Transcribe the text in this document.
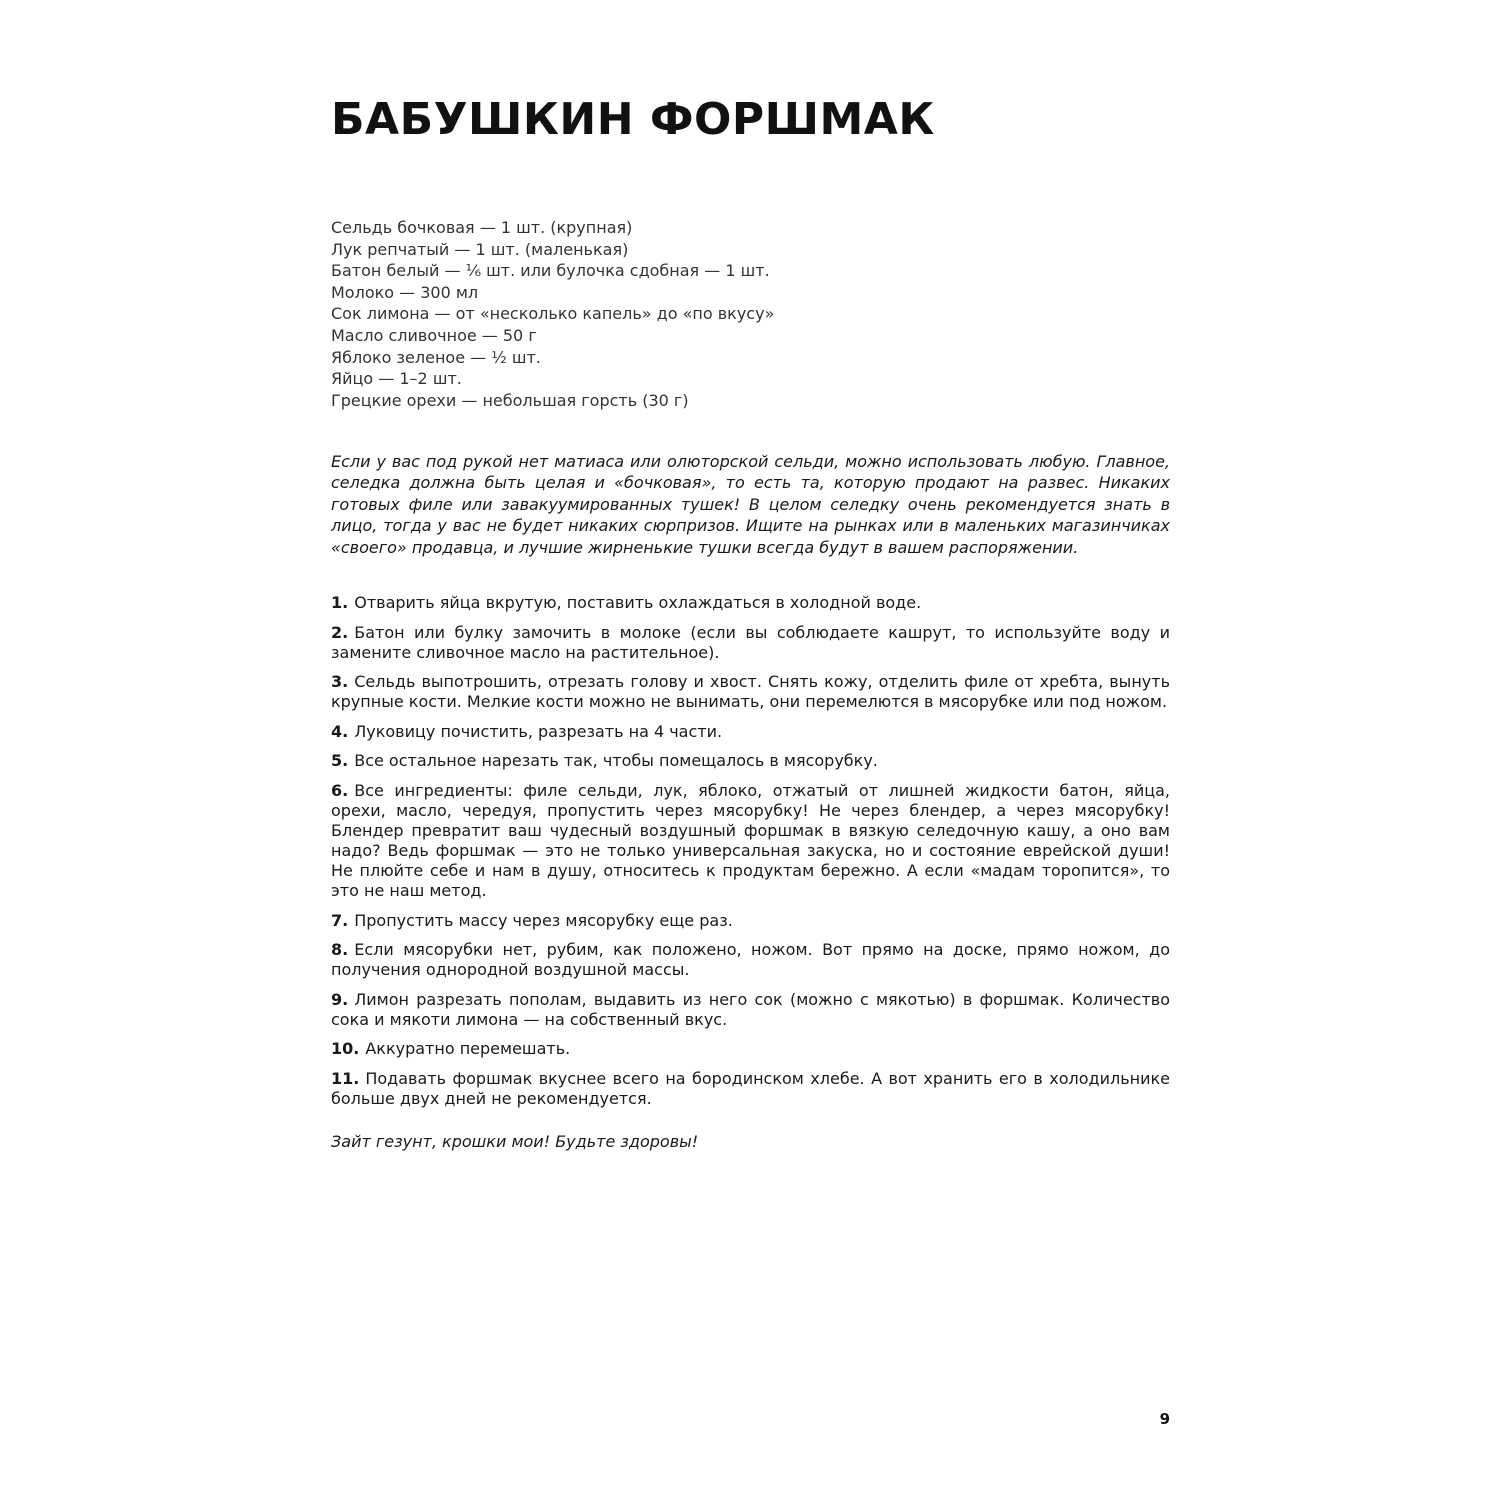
БАБУШКИН ФОРШМАК
Сельдь бочковая — 1 шт. (крупная)
Лук репчатый — 1 шт. (маленькая)
Батон белый — ¹⁄₆ шт. или булочка сдобная — 1 шт.
Молоко — 300 мл
Сок лимона — от «несколько капель» до «по вкусу»
Масло сливочное — 50 г
Яблоко зеленое — ½ шт.
Яйцо — 1–2 шт.
Грецкие орехи — небольшая горсть (30 г)

Если у вас под рукой нет матиаса или олюторской сельди, можно использовать любую. Главное, селедка должна быть целая и «бочковая», то есть та, которую продают на развес. Никаких готовых филе или завакуумированных тушек! В целом селедку очень рекомендуется знать в лицо, тогда у вас не будет никаких сюрпризов. Ищите на рынках или в маленьких магазинчиках «своего» продавца, и лучшие жирненькие тушки всегда будут в вашем распоряжении.

1. Отварить яйца вкрутую, поставить охлаждаться в холодной воде.
2. Батон или булку замочить в молоке (если вы соблюдаете кашрут, то используйте воду и замените сливочное масло на растительное).
3. Сельдь выпотрошить, отрезать голову и хвост. Снять кожу, отделить филе от хребта, вынуть крупные кости. Мелкие кости можно не вынимать, они перемелются в мясорубке или под ножом.
4. Луковицу почистить, разрезать на 4 части.
5. Все остальное нарезать так, чтобы помещалось в мясорубку.
6. Все ингредиенты: филе сельди, лук, яблоко, отжатый от лишней жидкости батон, яйца, орехи, масло, чередуя, пропустить через мясорубку! Не через блендер, а через мясорубку! Блендер превратит ваш чудесный воздушный форшмак в вязкую селедочную кашу, а оно вам надо? Ведь форшмак — это не только универсальная закуска, но и состояние еврейской души! Не плюйте себе и нам в душу, относитесь к продуктам бережно. А если «мадам торопится», то это не наш метод.
7. Пропустить массу через мясорубку еще раз.
8. Если мясорубки нет, рубим, как положено, ножом. Вот прямо на доске, прямо ножом, до получения однородной воздушной массы.
9. Лимон разрезать пополам, выдавить из него сок (можно с мякотью) в форшмак. Количество сока и мякоти лимона — на собственный вкус.
10. Аккуратно перемешать.
11. Подавать форшмак вкуснее всего на бородинском хлебе. А вот хранить его в холодильнике больше двух дней не рекомендуется.

Зайт гезунт, крошки мои! Будьте здоровы!

9
